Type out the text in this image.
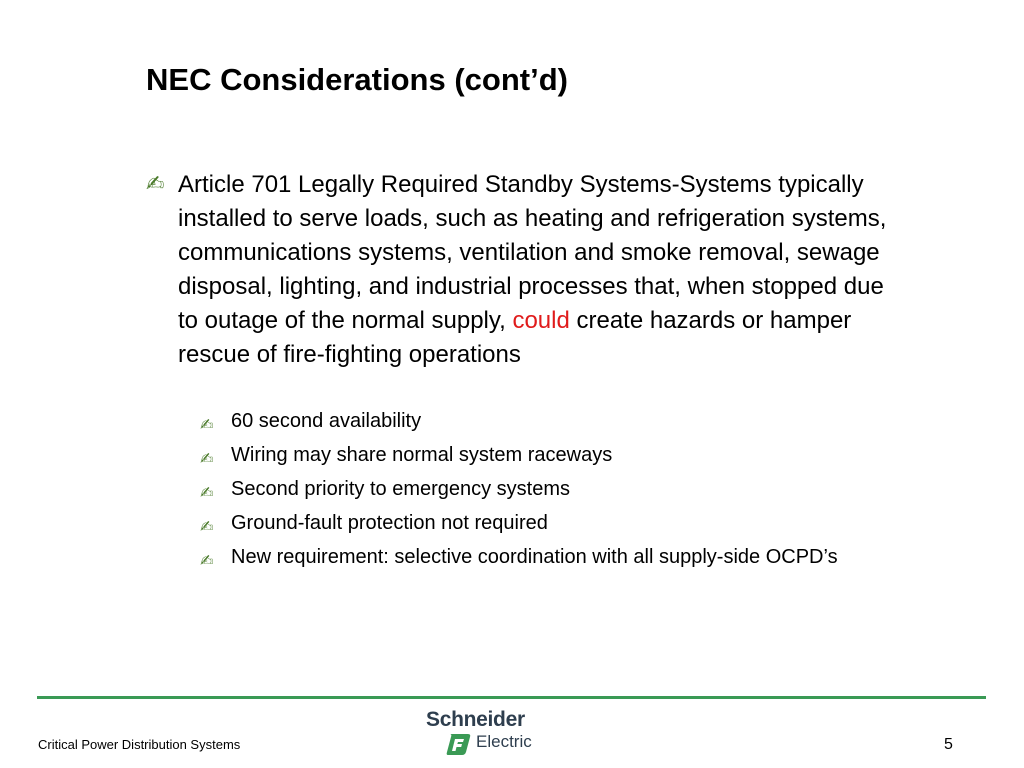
NEC Considerations (cont’d)
✍ Article 701 Legally Required Standby Systems-Systems typically installed to serve loads, such as heating and refrigeration systems, communications systems, ventilation and smoke removal, sewage disposal, lighting, and industrial processes that, when stopped due to outage of the normal supply, could create hazards or hamper rescue of fire-fighting operations
✍ 60 second availability
✍ Wiring may share normal system raceways
✍ Second priority to emergency systems
✍ Ground-fault protection not required
✍ New requirement: selective coordination with all supply-side OCPD’s
Critical Power Distribution Systems
Schneider
Electric	5
